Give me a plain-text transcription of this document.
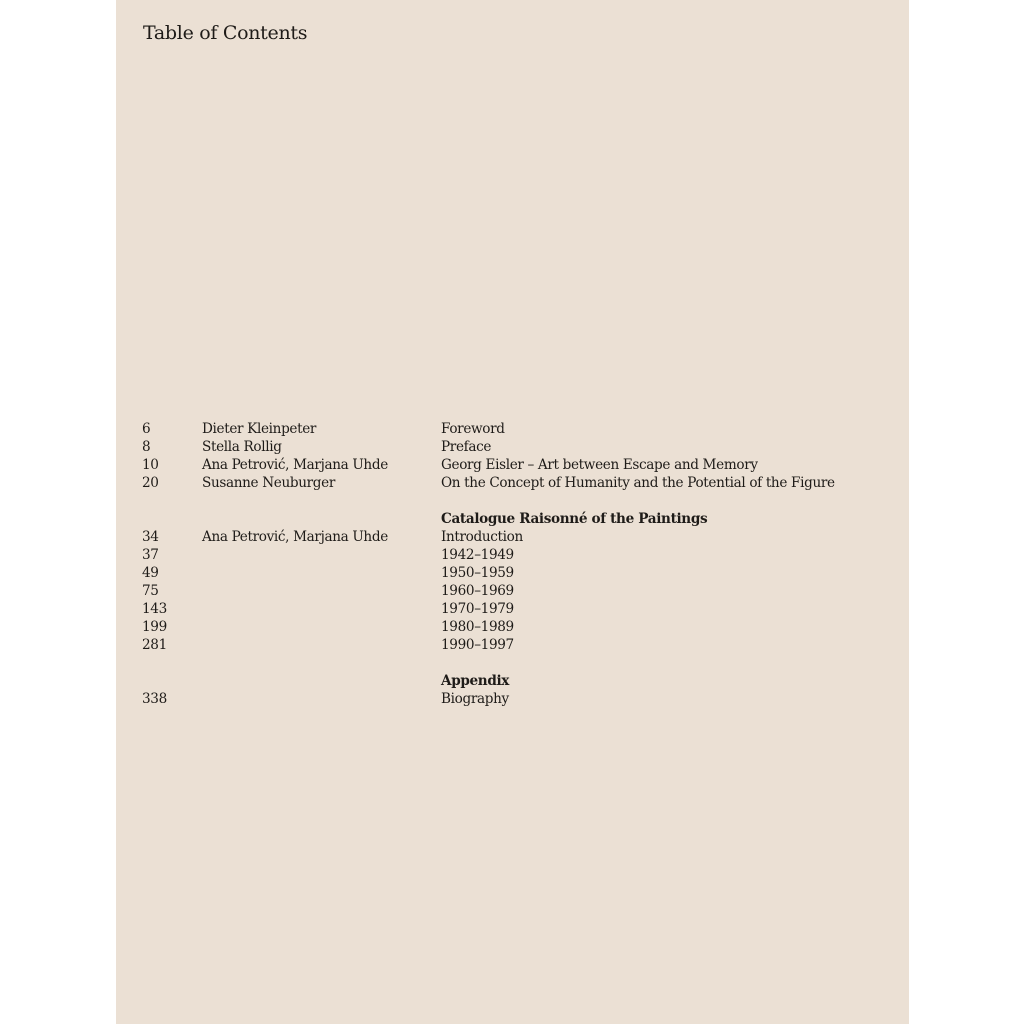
Table of Contents
6	Dieter Kleinpeter	Foreword
8	Stella Rollig	Preface
10	Ana Petrović, Marjana Uhde	Georg Eisler – Art between Escape and Memory
20	Susanne Neuburger	On the Concept of Humanity and the Potential of the Figure
Catalogue Raisonné of the Paintings
34	Ana Petrović, Marjana Uhde	Introduction
37	1942–1949
49	1950–1959
75	1960–1969
143	1970–1979
199	1980–1989
281	1990–1997
Appendix
338	Biography
